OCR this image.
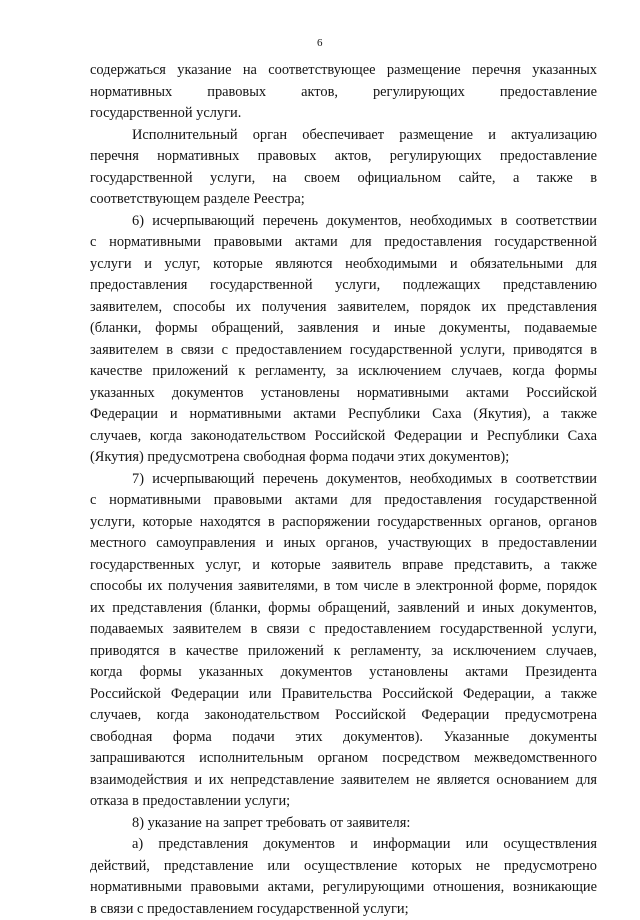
6
содержаться указание на соответствующее размещение перечня указанных
нормативных правовых актов, регулирующих предоставление
государственной услуги.
Исполнительный орган обеспечивает размещение и актуализацию
перечня нормативных правовых актов, регулирующих предоставление
государственной услуги, на своем официальном сайте, а также в
соответствующем разделе Реестра;
6) исчерпывающий перечень документов, необходимых в соответствии
с нормативными правовыми актами для предоставления государственной
услуги и услуг, которые являются необходимыми и обязательными для
предоставления государственной услуги, подлежащих представлению
заявителем, способы их получения заявителем, порядок их представления
(бланки, формы обращений, заявления и иные документы, подаваемые
заявителем в связи с предоставлением государственной услуги, приводятся в
качестве приложений к регламенту, за исключением случаев, когда формы
указанных документов установлены нормативными актами Российской
Федерации и нормативными актами Республики Саха (Якутия), а также
случаев, когда законодательством Российской Федерации и Республики Саха
(Якутия) предусмотрена свободная форма подачи этих документов);
7) исчерпывающий перечень документов, необходимых в соответствии
с нормативными правовыми актами для предоставления государственной
услуги, которые находятся в распоряжении государственных органов, органов
местного самоуправления и иных органов, участвующих в предоставлении
государственных услуг, и которые заявитель вправе представить, а также
способы их получения заявителями, в том числе в электронной форме, порядок
их представления (бланки, формы обращений, заявлений и иных документов,
подаваемых заявителем в связи с предоставлением государственной услуги,
приводятся в качестве приложений к регламенту, за исключением случаев,
когда формы указанных документов установлены актами Президента
Российской Федерации или Правительства Российской Федерации, а также
случаев, когда законодательством Российской Федерации предусмотрена
свободная форма подачи этих документов). Указанные документы
запрашиваются исполнительным органом посредством межведомственного
взаимодействия и их непредставление заявителем не является основанием для
отказа в предоставлении услуги;
8) указание на запрет требовать от заявителя:
а) представления документов и информации или осуществления
действий, представление или осуществление которых не предусмотрено
нормативными правовыми актами, регулирующими отношения, возникающие
в связи с предоставлением государственной услуги;
